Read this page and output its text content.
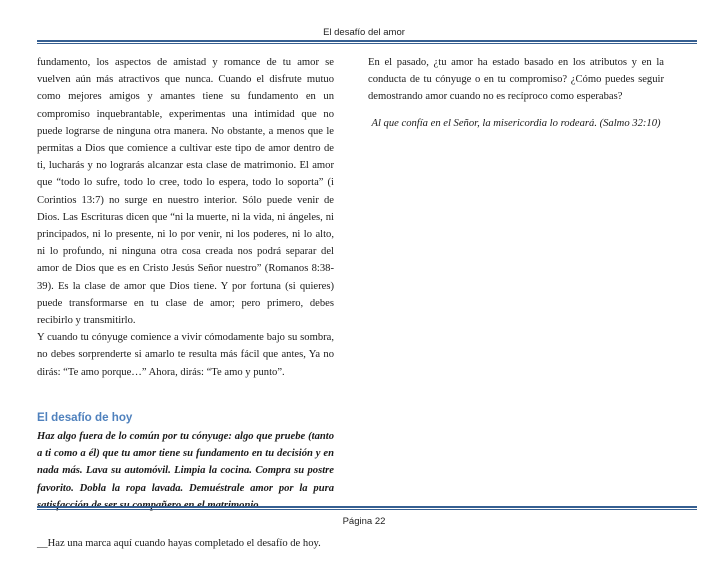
El desafío del amor

fundamento, los aspectos de amistad y romance de tu amor se vuelven aún más atractivos que nunca. Cuando el disfrute mutuo como mejores amigos y amantes tiene su fundamento en un compromiso inquebrantable, experimentas una intimidad que no puede lograrse de ninguna otra manera. No obstante, a menos que le permitas a Dios que comience a cultivar este tipo de amor dentro de ti, lucharás y no lograrás alcanzar esta clase de matrimonio. El amor que “todo lo sufre, todo lo cree, todo lo espera, todo lo soporta” (i Corintios 13:7) no surge en nuestro interior. Sólo puede venir de Dios. Las Escrituras dicen que “ni la muerte, ni la vida, ni ángeles, ni principados, ni lo presente, ni lo por venir, ni los poderes, ni lo alto, ni lo profundo, ni ninguna otra cosa creada nos podrá separar del amor de Dios que es en Cristo Jesús Señor nuestro” (Romanos 8:38-39). Es la clase de amor que Dios tiene. Y por fortuna (si quieres) puede transformarse en tu clase de amor; pero primero, debes recibirlo y transmitirlo.

Y cuando tu cónyuge comience a vivir cómodamente bajo su sombra, no debes sorprenderte si amarlo te resulta más fácil que antes, Ya no dirás: “Te amo porque…” Ahora, dirás: “Te amo y punto”.

El desafío de hoy

Haz algo fuera de lo común por tu cónyuge: algo que pruebe (tanto a ti como a él) que tu amor tiene su fundamento en tu decisión y en nada más. Lava su automóvil. Limpia la cocina. Compra su postre favorito. Dobla la ropa lavada. Demuéstrale amor por la pura

__Haz una marca aquí cuando hayas completado el desafío de hoy.

En el pasado, ¿tu amor ha estado basado en los atributos y en la conducta de tu cónyuge o en tu compromiso? ¿Cómo puedes seguir demostrando amor cuando no es recíproco como esperabas?

Al que confía en el Señor, la misericordia lo rodeará. (Salmo 32:10)

Página 22
